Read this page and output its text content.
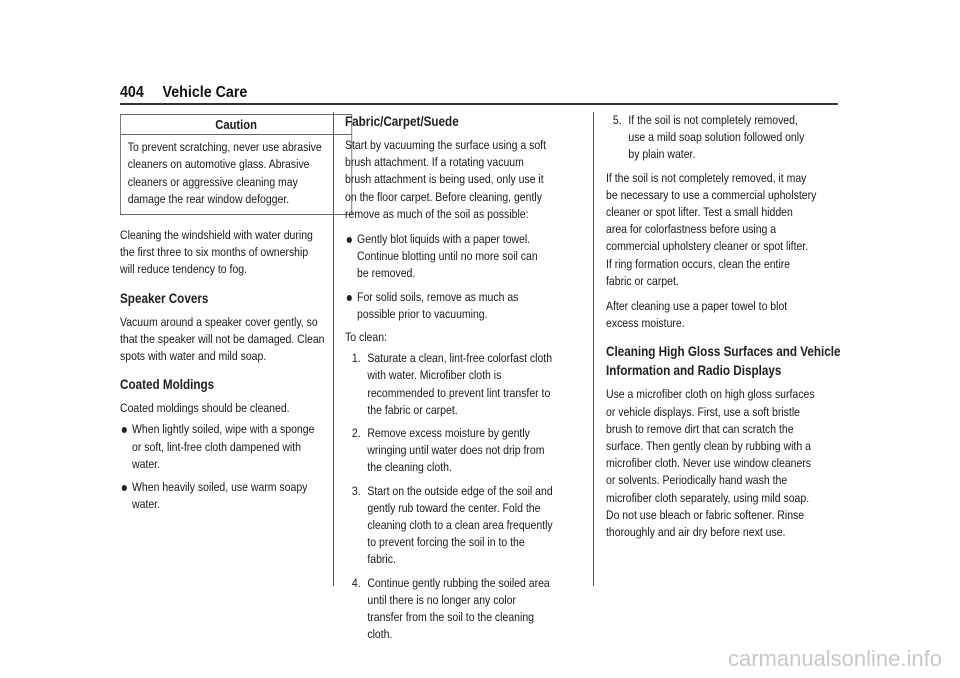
404 Vehicle Care
Caution
To prevent scratching, never use abrasive
cleaners on automotive glass. Abrasive
cleaners or aggressive cleaning may
damage the rear window defogger.

Cleaning the windshield with water during
the first three to six months of ownership
will reduce tendency to fog.

Speaker Covers

Vacuum around a speaker cover gently, so
that the speaker will not be damaged. Clean
spots with water and mild soap.

Coated Moldings

Coated moldings should be cleaned.

When lightly soiled, wipe with a sponge
or soft, lint-free cloth dampened with
water.
When heavily soiled, use warm soapy
water.
Fabric/Carpet/Suede

Start by vacuuming the surface using a soft
brush attachment. If a rotating vacuum
brush attachment is being used, only use it
on the floor carpet. Before cleaning, gently
remove as much of the soil as possible:

Gently blot liquids with a paper towel.
Continue blotting until no more soil can
be removed.
For solid soils, remove as much as
possible prior to vacuuming.

To clean:

1. Saturate a clean, lint-free colorfast cloth
with water. Microfiber cloth is
recommended to prevent lint transfer to
the fabric or carpet.
2. Remove excess moisture by gently
wringing until water does not drip from
the cleaning cloth.
3. Start on the outside edge of the soil and
gently rub toward the center. Fold the
cleaning cloth to a clean area frequently
to prevent forcing the soil in to the
fabric.
4. Continue gently rubbing the soiled area
until there is no longer any color
transfer from the soil to the cleaning
cloth.
5. If the soil is not completely removed,
use a mild soap solution followed only
by plain water.

If the soil is not completely removed, it may
be necessary to use a commercial upholstery
cleaner or spot lifter. Test a small hidden
area for colorfastness before using a
commercial upholstery cleaner or spot lifter.
If ring formation occurs, clean the entire
fabric or carpet.

After cleaning use a paper towel to blot
excess moisture.

Cleaning High Gloss Surfaces and Vehicle
Information and Radio Displays

Use a microfiber cloth on high gloss surfaces
or vehicle displays. First, use a soft bristle
brush to remove dirt that can scratch the
surface. Then gently clean by rubbing with a
microfiber cloth. Never use window cleaners
or solvents. Periodically hand wash the
microfiber cloth separately, using mild soap.
Do not use bleach or fabric softener. Rinse
thoroughly and air dry before next use.

carmanualsonline.info
